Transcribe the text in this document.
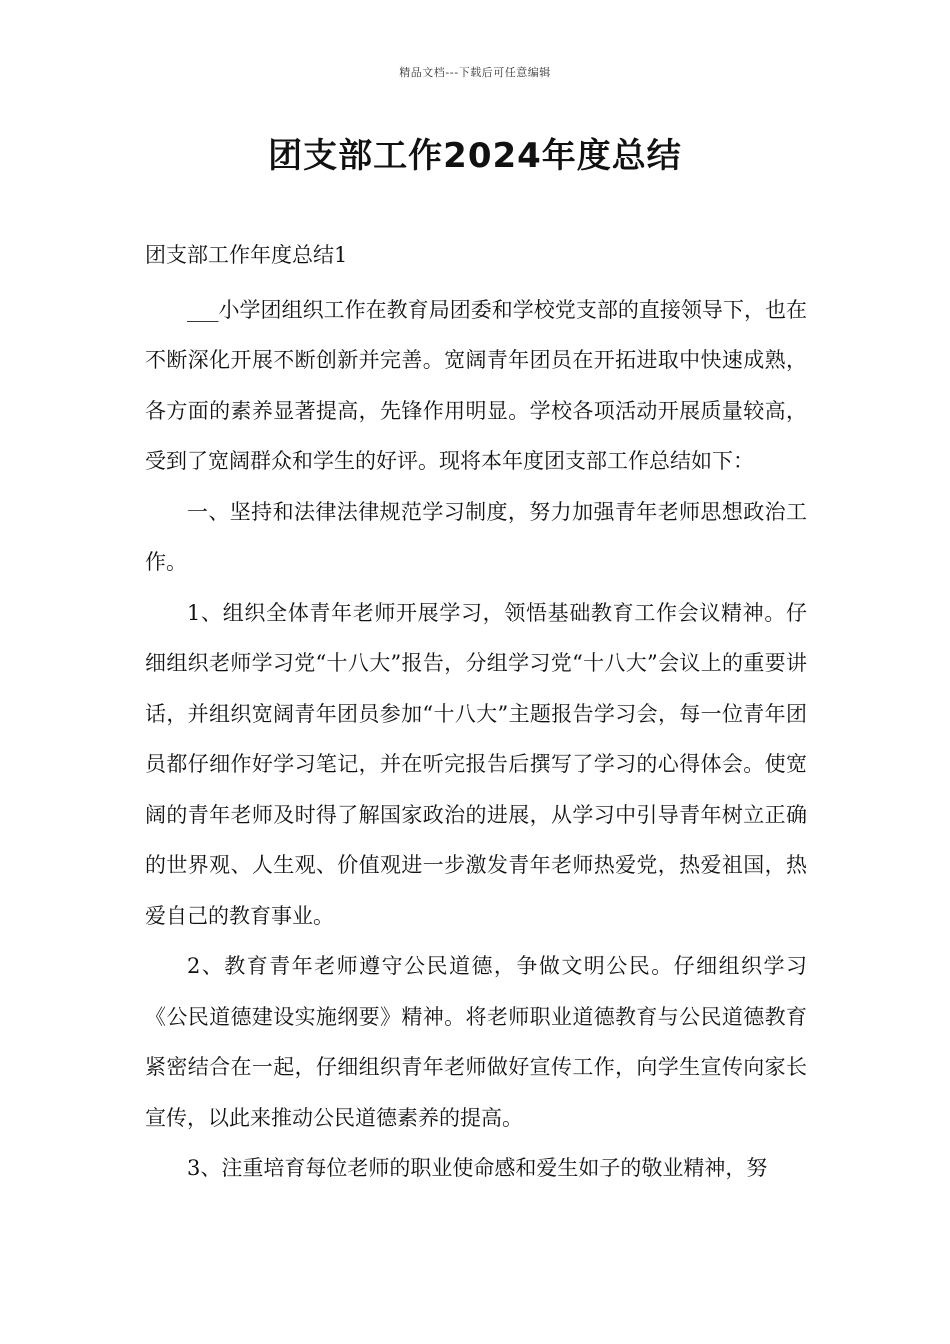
精品文档---下载后可任意编辑
团支部工作2024年度总结

团支部工作年度总结1

___小学团组织工作在教育局团委和学校党支部的直接领导下，也在不断深化开展不断创新并完善。宽阔青年团员在开拓进取中快速成熟，各方面的素养显著提高，先锋作用明显。学校各项活动开展质量较高，受到了宽阔群众和学生的好评。现将本年度团支部工作总结如下：

一、坚持和法律法律规范学习制度，努力加强青年老师思想政治工作。

1、组织全体青年老师开展学习，领悟基础教育工作会议精神。仔细组织老师学习党“十八大”报告，分组学习党“十八大”会议上的重要讲话，并组织宽阔青年团员参加“十八大”主题报告学习会，每一位青年团员都仔细作好学习笔记，并在听完报告后撰写了学习的心得体会。使宽阔的青年老师及时得了解国家政治的进展，从学习中引导青年树立正确的世界观、人生观、价值观进一步激发青年老师热爱党，热爱祖国，热爱自己的教育事业。

2、教育青年老师遵守公民道德，争做文明公民。仔细组织学习《公民道德建设实施纲要》精神。将老师职业道德教育与公民道德教育紧密结合在一起，仔细组织青年老师做好宣传工作，向学生宣传向家长宣传，以此来推动公民道德素养的提高。

3、注重培育每位老师的职业使命感和爱生如子的敬业精神，努
